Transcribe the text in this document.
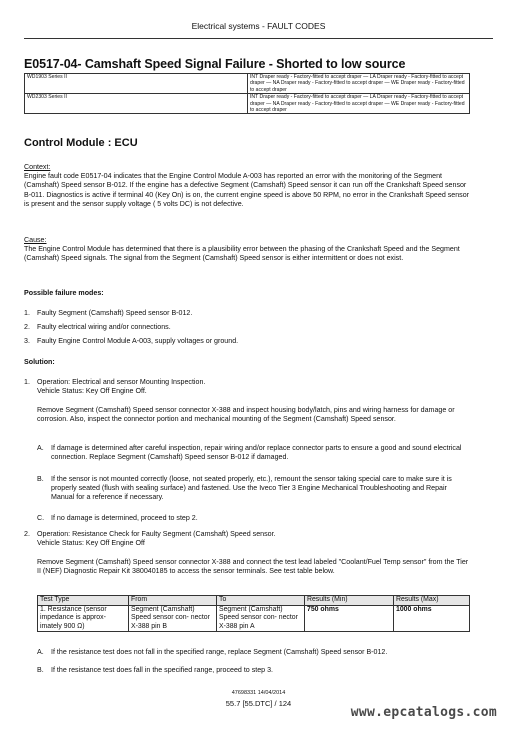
Electrical systems - FAULT CODES
E0517-04- Camshaft Speed Signal Failure - Shorted to low source
WD1903 Series II	INT Draper ready - Factory-fitted to accept draper — LA Draper ready - Factory-fitted to accept draper — NA Draper ready - Factory-fitted to accept draper — WE Draper ready - Factory-fitted to accept draper
WD2303 Series II	INT Draper ready - Factory-fitted to accept draper — LA Draper ready - Factory-fitted to accept draper — NA Draper ready - Factory-fitted to accept draper — WE Draper ready - Factory-fitted to accept draper
Control Module : ECU
Context:
Engine fault code E0517-04 indicates that the Engine Control Module A-003 has reported an error with the monitoring of the Segment (Camshaft) Speed sensor B-012. If the engine has a defective Segment (Camshaft) Speed sensor it can run off the Crankshaft Speed sensor B-011. Diagnostics is active if terminal 40 (Key On) is on, the current engine speed is above 50 RPM, no error in the Crankshaft Speed sensor is present and the sensor supply voltage ( 5 volts DC) is not defective.
Cause:
The Engine Control Module has determined that there is a plausibility error between the phasing of the Crankshaft Speed and the Segment (Camshaft) Speed signals. The signal from the Segment (Camshaft) Speed sensor is either intermittent or does not exist.
Possible failure modes:
1. Faulty Segment (Camshaft) Speed sensor B-012.
2. Faulty electrical wiring and/or connections.
3. Faulty Engine Control Module A-003, supply voltages or ground.
Solution:
1. Operation: Electrical and sensor Mounting Inspection.
Vehicle Status: Key Off Engine Off.
Remove Segment (Camshaft) Speed sensor connector X-388 and inspect housing body/latch, pins and wiring harness for damage or corrosion. Also, inspect the connector portion and mechanical mounting of the Segment (Camshaft) Speed sensor.
A. If damage is determined after careful inspection, repair wiring and/or replace connector parts to ensure a good and sound electrical connection. Replace Segment (Camshaft) Speed sensor B-012 if damaged.
B. If the sensor is not mounted correctly (loose, not seated properly, etc.), remount the sensor taking special care to make sure it is properly seated (flush with sealing surface) and fastened. Use the Iveco Tier 3 Engine Mechanical Troubleshooting and Repair Manual for a reference if necessary.
C. If no damage is determined, proceed to step 2.
2. Operation: Resistance Check for Faulty Segment (Camshaft) Speed sensor.
Vehicle Status: Key Off Engine Off
Remove Segment (Camshaft) Speed sensor connector X-388 and connect the test lead labeled "Coolant/Fuel Temp sensor" from the Tier II (NEF) Diagnostic Repair Kit 380040185 to access the sensor terminals. See test table below.
Test Type	From	To	Results (Min)	Results (Max)
1. Resistance (sensor impedance is approx- imately 900 Ω)	Segment (Camshaft) Speed sensor con- nector X-388 pin B	Segment (Camshaft) Speed sensor con- nector X-388 pin A	750 ohms	1000 ohms
A. If the resistance test does not fall in the specified range, replace Segment (Camshaft) Speed sensor B-012.
B. If the resistance test does fall in the specified range, proceed to step 3.
47698331 14/04/2014
55.7 [55.DTC] / 124
www.epcatalogs.com
